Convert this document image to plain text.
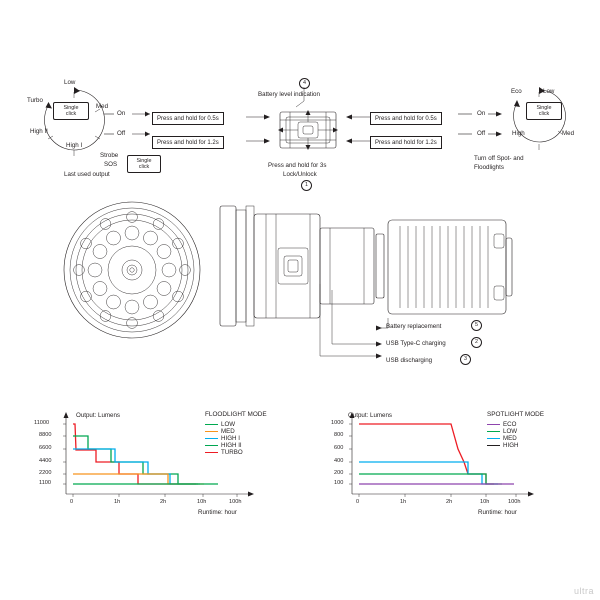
Low
Med
Turbo
High II
High I
Single
click	On
Off
Strobe
SOS
Last used output
Single
click
Press and hold for 0.5s
Press and hold for 1.2s
Press and hold for 0.5s
Press and hold for 1.2s
4
Battery level indication
Press and hold for 3s
Lock/Unlock
1
Eco	Low
Med
High
Single
click
On
Off
Turn off Spot- and
Floodlights
Battery replacement	5
USB Type-C charging	2
USB discharging	3
Output: Lumens
11000
8800
6600
4400
2200
1100
0	1h	2h	10h	100h
Runtime: hour
FLOODLIGHT MODE
LOW
MED
HIGH I
HIGH II
TURBO
Output: Lumens
1000
800
600
400
200
100
0	1h	2h	10h	100h
Runtime: hour
SPOTLIGHT MODE
ECO
LOW
MED
HIGH
ultra
